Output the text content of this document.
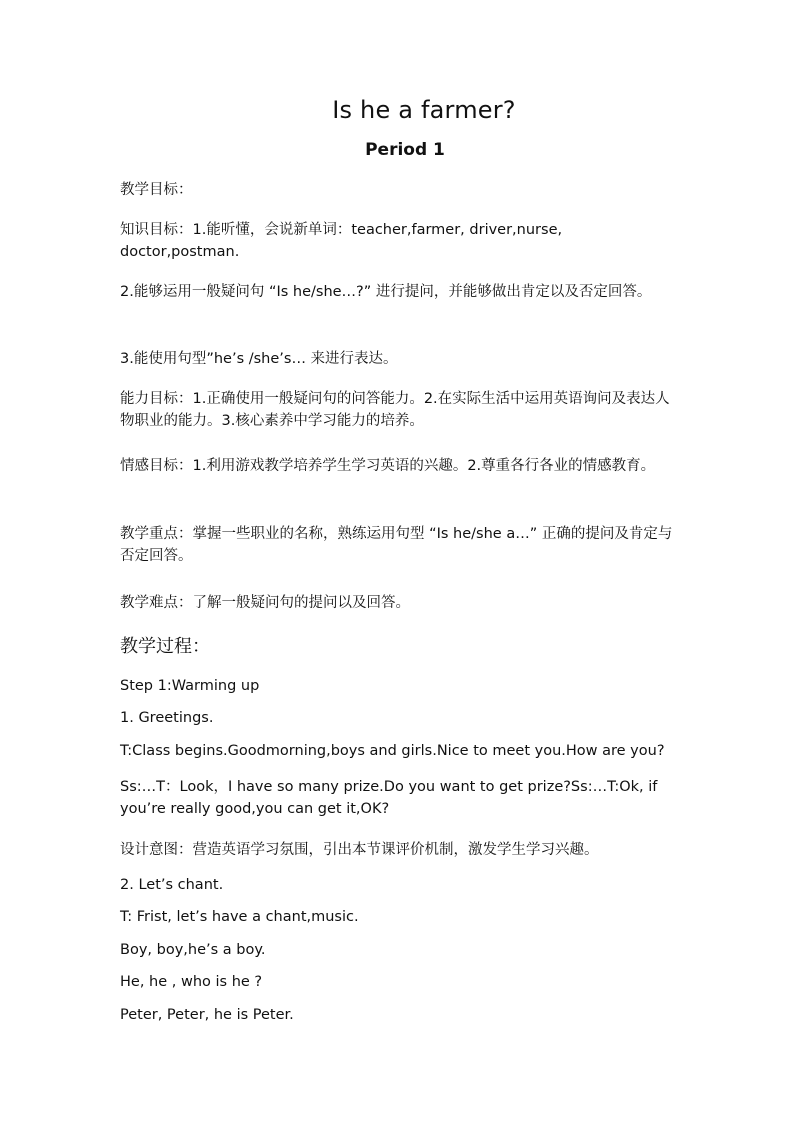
Is he a farmer?
Period 1

教学目标：

知识目标：1.能听懂，会说新单词：teacher,farmer, driver,nurse, doctor,postman.

2.能够运用一般疑问句 “Is he/she…?” 进行提问，并能够做出肯定以及否定回答。

3.能使用句型”he’s /she’s… 来进行表达。

能力目标：1.正确使用一般疑问句的问答能力。2.在实际生活中运用英语询问及表达人物职业的能力。3.核心素养中学习能力的培养。

情感目标：1.利用游戏教学培养学生学习英语的兴趣。2.尊重各行各业的情感教育。

教学重点：掌握一些职业的名称，熟练运用句型 “Is he/she a…” 正确的提问及肯定与否定回答。

教学难点：了解一般疑问句的提问以及回答。

教学过程：

Step 1:Warming up

1. Greetings.

T:Class begins.Goodmorning,boys and girls.Nice to meet you.How are you?

Ss:…T：Look，I have so many prize.Do you want to get prize?Ss:…T:Ok, if you’re really good,you can get it,OK?

设计意图：营造英语学习氛围，引出本节课评价机制，激发学生学习兴趣。

2. Let’s chant.

T: Frist, let’s have a chant,music.

Boy, boy,he’s a boy.

He, he , who is he ?

Peter, Peter, he is Peter.
